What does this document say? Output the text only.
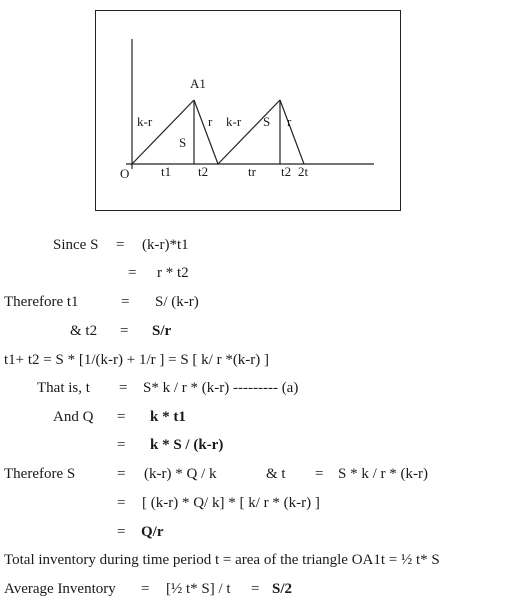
A1
k-r	r
S
k-r S r
O t1 t2	tr t2 2t
Since S = (k-r)*t1
= r * t2
Therefore t1	= S/ (k-r)
& t2 = S/r
t1+ t2 = S * [1/(k-r) + 1/r ] = S [ k/ r *(k-r) ]
That is, t = S* k / r * (k-r) --------- (a)
And Q = k * t1
= k * S / (k-r)
Therefore S	= (k-r) * Q / k	& t = S * k / r * (k-r)
= [ (k-r) * Q/ k] * [ k/ r * (k-r) ]
= Q/r
Total inventory during time period t = area of the triangle OA1t = ½ t* S
Average Inventory = [½ t* S] / t = S/2
